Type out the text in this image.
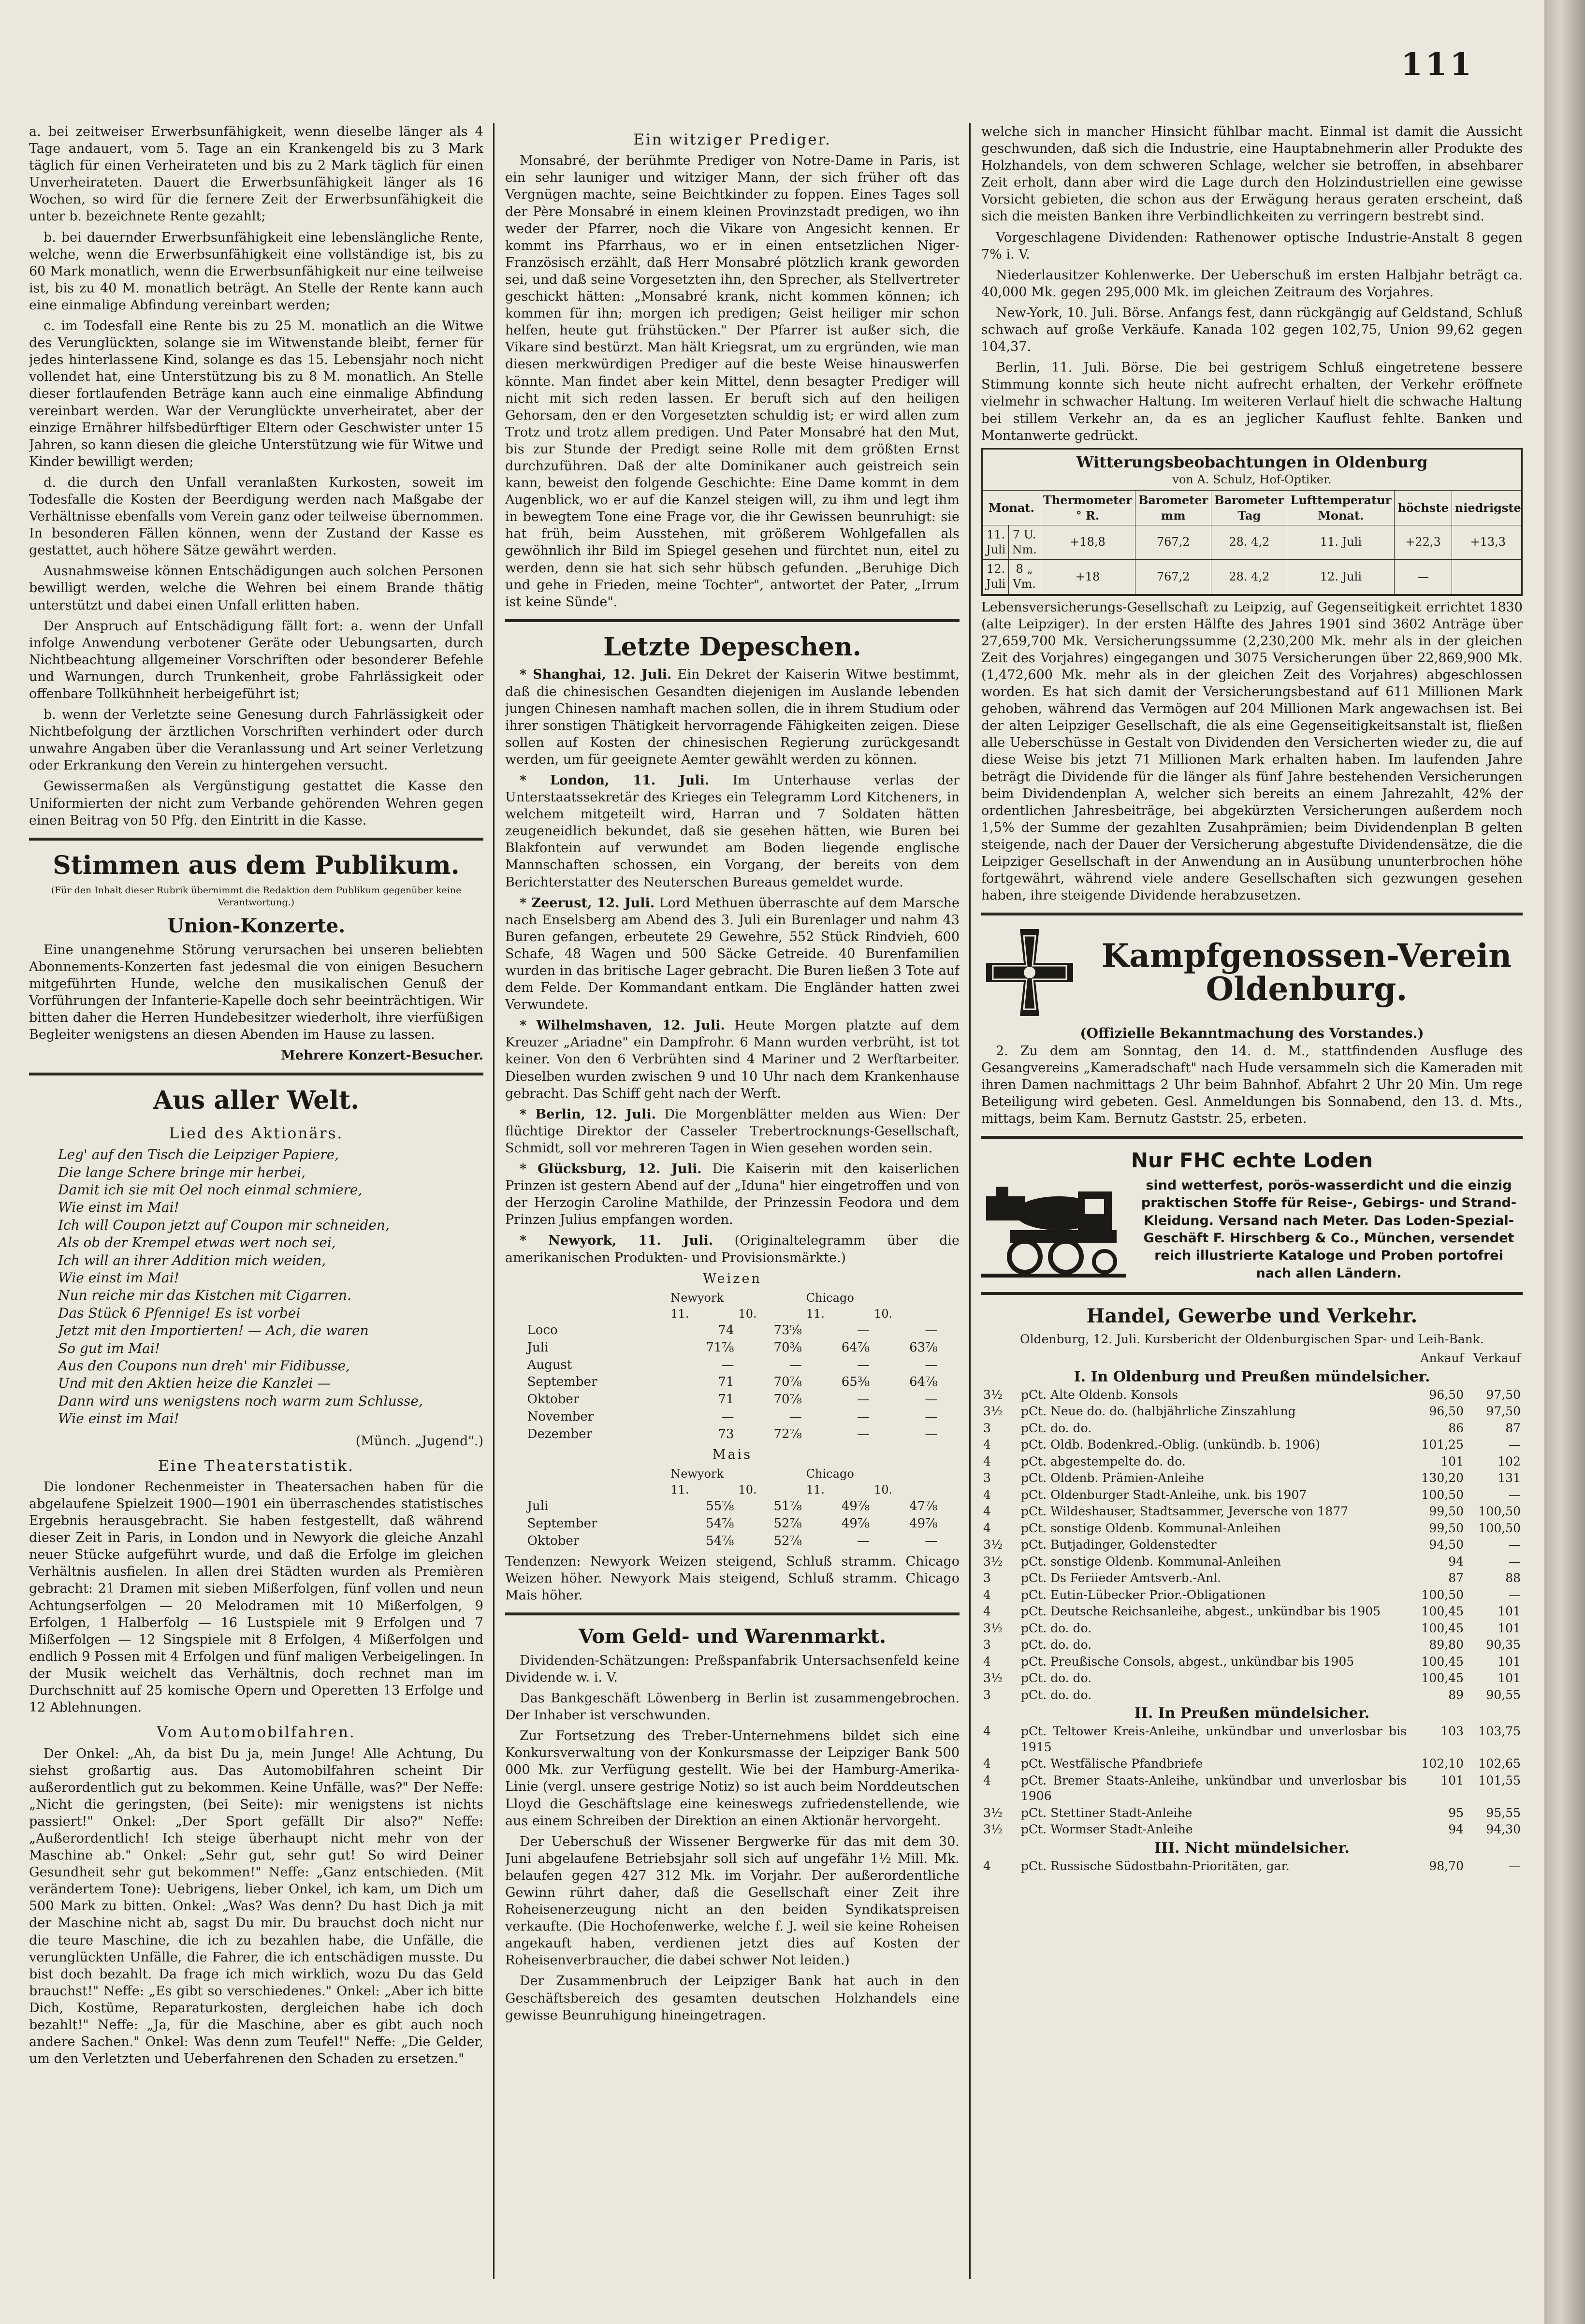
111

a. bei zeitweiser Erwerbsunfähigkeit, wenn dieselbe länger als 4 Tage andauert, vom 5. Tage an ein Krankengeld bis zu 3 Mark täglich für einen Verheirateten und bis zu 2 Mark täglich für einen Unverheirateten. Dauert die Erwerbsunfähigkeit länger als 16 Wochen, so wird für die fernere Zeit der Erwerbsunfähigkeit die unter b. bezeichnete Rente gezahlt;

b. bei dauernder Erwerbsunfähigkeit eine lebenslängliche Rente, welche, wenn die Erwerbsunfähigkeit eine vollständige ist, bis zu 60 Mark monatlich, wenn die Erwerbsunfähigkeit nur eine teilweise ist, bis zu 40 M. monatlich beträgt. An Stelle der Rente kann auch eine einmalige Abfindung vereinbart werden;

c. im Todesfall eine Rente bis zu 25 M. monatlich an die Witwe des Verunglückten, solange sie im Witwenstande bleibt, ferner für jedes hinterlassene Kind, solange es das 15. Lebensjahr noch nicht vollendet hat, eine Unterstützung bis zu 8 M. monatlich. An Stelle dieser fortlaufenden Beträge kann auch eine einmalige Abfindung vereinbart werden. War der Verunglückte unverheiratet, aber der einzige Ernährer hilfsbedürftiger Eltern oder Geschwister unter 15 Jahren, so kann diesen die gleiche Unterstützung wie für Witwe und Kinder bewilligt werden;

d. die durch den Unfall veranlaßten Kurkosten, soweit im Todesfalle die Kosten der Beerdigung werden nach Maßgabe der Verhältnisse ebenfalls vom Verein ganz oder teilweise übernommen. In besonderen Fällen können, wenn der Zustand der Kasse es gestattet, auch höhere Sätze gewährt werden.

Ausnahmsweise können Entschädigungen auch solchen Personen bewilligt werden, welche die Wehren bei einem Brande thätig unterstützt und dabei einen Unfall erlitten haben.

Der Anspruch auf Entschädigung fällt fort: a. wenn der Unfall infolge Anwendung verbotener Geräte oder Uebungsarten, durch Nichtbeachtung allgemeiner Vorschriften oder besonderer Befehle und Warnungen, durch Trunkenheit, grobe Fahrlässigkeit oder offenbare Tollkühnheit herbeigeführt ist;

b. wenn der Verletzte seine Genesung durch Fahrlässigkeit oder Nichtbefolgung der ärztlichen Vorschriften verhindert oder durch unwahre Angaben über die Veranlassung und Art seiner Verletzung oder Erkrankung den Verein zu hintergehen versucht.

Gewissermaßen als Vergünstigung gestattet die Kasse den Uniformierten der nicht zum Verbande gehörenden Wehren gegen einen Beitrag von 50 Pfg. den Eintritt in die Kasse.

Stimmen aus dem Publikum.
(Für den Inhalt dieser Rubrik übernimmt die Redaktion dem Publikum gegenüber keine Verantwortung.)
Union-Konzerte.

Eine unangenehme Störung verursachen bei unseren beliebten Abonnements-Konzerten fast jedesmal die von einigen Besuchern mitgeführten Hunde, welche den musikalischen Genuß der Vorführungen der Infanterie-Kapelle doch sehr beeinträchtigen. Wir bitten daher die Herren Hundebesitzer wiederholt, ihre vierfüßigen Begleiter wenigstens an diesen Abenden im Hause zu lassen.

Mehrere Konzert-Besucher.
Aus aller Welt.
Lied des Aktionärs.
Leg' auf den Tisch die Leipziger Papiere,
Die lange Schere bringe mir herbei,
Damit ich sie mit Oel noch einmal schmiere,
Wie einst im Mai!
Ich will Coupon jetzt auf Coupon mir schneiden,
Als ob der Krempel etwas wert noch sei,
Ich will an ihrer Addition mich weiden,
Wie einst im Mai!
Nun reiche mir das Kistchen mit Cigarren.
Das Stück 6 Pfennige! Es ist vorbei
Jetzt mit den Importierten! — Ach, die waren
So gut im Mai!
Aus den Coupons nun dreh' mir Fidibusse,
Und mit den Aktien heize die Kanzlei —
Dann wird uns wenigstens noch warm zum Schlusse,
Wie einst im Mai!
(Münch. „Jugend".)
Eine Theaterstatistik.

Die londoner Rechenmeister in Theatersachen haben für die abgelaufene Spielzeit 1900—1901 ein überraschendes statistisches Ergebnis herausgebracht. Sie haben festgestellt, daß während dieser Zeit in Paris, in London und in Newyork die gleiche Anzahl neuer Stücke aufgeführt wurde, und daß die Erfolge im gleichen Verhältnis ausfielen. In allen drei Städten wurden als Premièren gebracht: 21 Dramen mit sieben Mißerfolgen, fünf vollen und neun Achtungserfolgen — 20 Melodramen mit 10 Mißerfolgen, 9 Erfolgen, 1 Halberfolg — 16 Lustspiele mit 9 Erfolgen und 7 Mißerfolgen — 12 Singspiele mit 8 Erfolgen, 4 Mißerfolgen und endlich 9 Possen mit 4 Erfolgen und fünf maligen Verbeigelingen. In der Musik weichelt das Verhältnis, doch rechnet man im Durchschnitt auf 25 komische Opern und Operetten 13 Erfolge und 12 Ablehnungen.

Vom Automobilfahren.

Der Onkel: „Ah, da bist Du ja, mein Junge! Alle Achtung, Du siehst großartig aus. Das Automobilfahren scheint Dir außerordentlich gut zu bekommen. Keine Unfälle, was?" Der Neffe: „Nicht die geringsten, (bei Seite): mir wenigstens ist nichts passiert!" Onkel: „Der Sport gefällt Dir also?" Neffe: „Außerordentlich! Ich steige überhaupt nicht mehr von der Maschine ab." Onkel: „Sehr gut, sehr gut! So wird Deiner Gesundheit sehr gut bekommen!" Neffe: „Ganz entschieden. (Mit verändertem Tone): Uebrigens, lieber Onkel, ich kam, um Dich um 500 Mark zu bitten. Onkel: „Was? Was denn? Du hast Dich ja mit der Maschine nicht ab, sagst Du mir. Du brauchst doch nicht nur die teure Maschine, die ich zu bezahlen habe, die Unfälle, die verunglückten Unfälle, die Fahrer, die ich entschädigen musste. Du bist doch bezahlt. Da frage ich mich wirklich, wozu Du das Geld brauchst!" Neffe: „Es gibt so verschiedenes." Onkel: „Aber ich bitte Dich, Kostüme, Reparaturkosten, dergleichen habe ich doch bezahlt!" Neffe: „Ja, für die Maschine, aber es gibt auch noch andere Sachen." Onkel: Was denn zum Teufel!" Neffe: „Die Gelder, um den Verletzten und Ueberfahrenen den Schaden zu ersetzen."

Ein witziger Prediger.

Monsabré, der berühmte Prediger von Notre-Dame in Paris, ist ein sehr launiger und witziger Mann, der sich früher oft das Vergnügen machte, seine Beichtkinder zu foppen. Eines Tages soll der Père Monsabré in einem kleinen Provinzstadt predigen, wo ihn weder der Pfarrer, noch die Vikare von Angesicht kennen. Er kommt ins Pfarrhaus, wo er in einen entsetzlichen Niger-Französisch erzählt, daß Herr Monsabré plötzlich krank geworden sei, und daß seine Vorgesetzten ihn, den Sprecher, als Stellvertreter geschickt hätten: „Monsabré krank, nicht kommen können; ich kommen für ihn; morgen ich predigen; Geist heiliger mir schon helfen, heute gut frühstücken." Der Pfarrer ist außer sich, die Vikare sind bestürzt. Man hält Kriegsrat, um zu ergründen, wie man diesen merkwürdigen Prediger auf die beste Weise hinauswerfen könnte. Man findet aber kein Mittel, denn besagter Prediger will nicht mit sich reden lassen. Er beruft sich auf den heiligen Gehorsam, den er den Vorgesetzten schuldig ist; er wird allen zum Trotz und trotz allem predigen. Und Pater Monsabré hat den Mut, bis zur Stunde der Predigt seine Rolle mit dem größten Ernst durchzuführen. Daß der alte Dominikaner auch geistreich sein kann, beweist den folgende Geschichte: Eine Dame kommt in dem Augenblick, wo er auf die Kanzel steigen will, zu ihm und legt ihm in bewegtem Tone eine Frage vor, die ihr Gewissen beunruhigt: sie hat früh, beim Ausstehen, mit größerem Wohlgefallen als gewöhnlich ihr Bild im Spiegel gesehen und fürchtet nun, eitel zu werden, denn sie hat sich sehr hübsch gefunden. „Beruhige Dich und gehe in Frieden, meine Tochter", antwortet der Pater, „Irrum ist keine Sünde".

Letzte Depeschen.

* Shanghai, 12. Juli. Ein Dekret der Kaiserin Witwe bestimmt, daß die chinesischen Gesandten diejenigen im Auslande lebenden jungen Chinesen namhaft machen sollen, die in ihrem Studium oder ihrer sonstigen Thätigkeit hervorragende Fähigkeiten zeigen. Diese sollen auf Kosten der chinesischen Regierung zurückgesandt werden, um für geeignete Aemter gewählt werden zu können.

* London, 11. Juli. Im Unterhause verlas der Unterstaatssekretär des Krieges ein Telegramm Lord Kitcheners, in welchem mitgeteilt wird, Harran und 7 Soldaten hätten zeugeneidlich bekundet, daß sie gesehen hätten, wie Buren bei Blakfontein auf verwundet am Boden liegende englische Mannschaften schossen, ein Vorgang, der bereits von dem Berichterstatter des Neuterschen Bureaus gemeldet wurde.

* Zeerust, 12. Juli. Lord Methuen überraschte auf dem Marsche nach Enselsberg am Abend des 3. Juli ein Burenlager und nahm 43 Buren gefangen, erbeutete 29 Gewehre, 552 Stück Rindvieh, 600 Schafe, 48 Wagen und 500 Säcke Getreide. 40 Burenfamilien wurden in das britische Lager gebracht. Die Buren ließen 3 Tote auf dem Felde. Der Kommandant entkam. Die Engländer hatten zwei Verwundete.

* Wilhelmshaven, 12. Juli. Heute Morgen platzte auf dem Kreuzer „Ariadne" ein Dampfrohr. 6 Mann wurden verbrüht, ist tot keiner. Von den 6 Verbrühten sind 4 Mariner und 2 Werftarbeiter. Dieselben wurden zwischen 9 und 10 Uhr nach dem Krankenhause gebracht. Das Schiff geht nach der Werft.

* Berlin, 12. Juli. Die Morgenblätter melden aus Wien: Der flüchtige Direktor der Casseler Trebertrocknungs-Gesellschaft, Schmidt, soll vor mehreren Tagen in Wien gesehen worden sein.

* Glücksburg, 12. Juli. Die Kaiserin mit den kaiserlichen Prinzen ist gestern Abend auf der „Iduna" hier eingetroffen und von der Herzogin Caroline Mathilde, der Prinzessin Feodora und dem Prinzen Julius empfangen worden.

* Newyork, 11. Juli. (Originaltelegramm über die amerikanischen Produkten- und Provisionsmärkte.)

Weizen
	Newyork		Chicago	
	11.	10.	11.	10.
Loco	74	73⅝	—	—
Juli	71⅞	70⅜	64⅞	63⅞
August	—	—	—	—
September	71	70⅞	65⅜	64⅞
Oktober	71	70⅞	—	—
November	—	—	—	—
Dezember	73	72⅞	—	—
Mais
	Newyork		Chicago	
	11.	10.	11.	10.
Juli	55⅞	51⅞	49⅞	47⅞
September	54⅞	52⅞	49⅞	49⅞
Oktober	54⅞	52⅞	—	—

Tendenzen: Newyork Weizen steigend, Schluß stramm. Chicago Weizen höher. Newyork Mais steigend, Schluß stramm. Chicago Mais höher.

Vom Geld- und Warenmarkt.

Dividenden-Schätzungen: Preßspanfabrik Untersachsenfeld keine Dividende w. i. V.

Das Bankgeschäft Löwenberg in Berlin ist zusammengebrochen. Der Inhaber ist verschwunden.

Zur Fortsetzung des Treber-Unternehmens bildet sich eine Konkursverwaltung von der Konkursmasse der Leipziger Bank 500 000 Mk. zur Verfügung gestellt. Wie bei der Hamburg-Amerika-Linie (vergl. unsere gestrige Notiz) so ist auch beim Norddeutschen Lloyd die Geschäftslage eine keineswegs zufriedenstellende, wie aus einem Schreiben der Direktion an einen Aktionär hervorgeht.

Der Ueberschuß der Wissener Bergwerke für das mit dem 30. Juni abgelaufene Betriebsjahr soll sich auf ungefähr 1½ Mill. Mk. belaufen gegen 427 312 Mk. im Vorjahr. Der außerordentliche Gewinn rührt daher, daß die Gesellschaft einer Zeit ihre Roheisenerzeugung nicht an den beiden Syndikatspreisen verkaufte. (Die Hochofenwerke, welche f. J. weil sie keine Roheisen angekauft haben, verdienen jetzt dies auf Kosten der Roheisenverbraucher, die dabei schwer Not leiden.)

Der Zusammenbruch der Leipziger Bank hat auch in den Geschäftsbereich des gesamten deutschen Holzhandels eine gewisse Beunruhigung hineingetragen.

welche sich in mancher Hinsicht fühlbar macht. Einmal ist damit die Aussicht geschwunden, daß sich die Industrie, eine Hauptabnehmerin aller Produkte des Holzhandels, von dem schweren Schlage, welcher sie betroffen, in absehbarer Zeit erholt, dann aber wird die Lage durch den Holzindustriellen eine gewisse Vorsicht gebieten, die schon aus der Erwägung heraus geraten erscheint, daß sich die meisten Banken ihre Verbindlichkeiten zu verringern bestrebt sind.

Vorgeschlagene Dividenden: Rathenower optische Industrie-Anstalt 8 gegen 7% i. V.

Niederlausitzer Kohlenwerke. Der Ueberschuß im ersten Halbjahr beträgt ca. 40,000 Mk. gegen 295,000 Mk. im gleichen Zeitraum des Vorjahres.

New-York, 10. Juli. Börse. Anfangs fest, dann rückgängig auf Geldstand, Schluß schwach auf große Verkäufe. Kanada 102 gegen 102,75, Union 99,62 gegen 104,37.

Berlin, 11. Juli. Börse. Die bei gestrigem Schluß eingetretene bessere Stimmung konnte sich heute nicht aufrecht erhalten, der Verkehr eröffnete vielmehr in schwacher Haltung. Im weiteren Verlauf hielt die schwache Haltung bei stillem Verkehr an, da es an jeglicher Kauflust fehlte. Banken und Montanwerte gedrückt.

Witterungsbeobachtungen in Oldenburg
von A. Schulz, Hof-Optiker.
Monat.		Thermometer ° R.	Barometer mm	Barometer Tag	Lufttemperatur Monat.	höchste	niedrigste
11. Juli	7 U. Nm.	+18,8	767,2	28. 4,2	11. Juli	+22,3	+13,3
12. Juli	8 „ Vm.	+18	767,2	28. 4,2	12. Juli	—	

Lebensversicherungs-Gesellschaft zu Leipzig, auf Gegenseitigkeit errichtet 1830 (alte Leipziger). In der ersten Hälfte des Jahres 1901 sind 3602 Anträge über 27,659,700 Mk. Versicherungssumme (2,230,200 Mk. mehr als in der gleichen Zeit des Vorjahres) eingegangen und 3075 Versicherungen über 22,869,900 Mk. (1,472,600 Mk. mehr als in der gleichen Zeit des Vorjahres) abgeschlossen worden. Es hat sich damit der Versicherungsbestand auf 611 Millionen Mark gehoben, während das Vermögen auf 204 Millionen Mark angewachsen ist. Bei der alten Leipziger Gesellschaft, die als eine Gegenseitigkeitsanstalt ist, fließen alle Ueberschüsse in Gestalt von Dividenden den Versicherten wieder zu, die auf diese Weise bis jetzt 71 Millionen Mark erhalten haben. Im laufenden Jahre beträgt die Dividende für die länger als fünf Jahre bestehenden Versicherungen beim Dividendenplan A, welcher sich bereits an einem Jahrezahlt, 42% der ordentlichen Jahresbeiträge, bei abgekürzten Versicherungen außerdem noch 1,5% der Summe der gezahlten Zusahprämien; beim Dividendenplan B gelten steigende, nach der Dauer der Versicherung abgestufte Dividendensätze, die die Leipziger Gesellschaft in der Anwendung an in Ausübung ununterbrochen höhe fortgewährt, während viele andere Gesellschaften sich gezwungen gesehen haben, ihre steigende Dividende herabzusetzen.

Kampfgenossen-Verein
Oldenburg.
(Offizielle Bekanntmachung des Vorstandes.)

2. Zu dem am Sonntag, den 14. d. M., stattfindenden Ausfluge des Gesangvereins „Kameradschaft" nach Hude versammeln sich die Kameraden mit ihren Damen nachmittags 2 Uhr beim Bahnhof. Abfahrt 2 Uhr 20 Min. Um rege Beteiligung wird gebeten. Gesl. Anmeldungen bis Sonnabend, den 13. d. Mts., mittags, beim Kam. Bernutz Gaststr. 25, erbeten.

Nur FHC echte Loden
sind wetterfest, porös-wasserdicht und die einzig praktischen Stoffe für Reise-, Gebirgs- und Strand-Kleidung. Versand nach Meter. Das Loden-Spezial-Geschäft F. Hirschberg & Co., München, versendet reich illustrierte Kataloge und Proben portofrei nach allen Ländern.
Handel, Gewerbe und Verkehr.
Oldenburg, 12. Juli. Kursbericht der Oldenburgischen Spar- und Leih-Bank.
		Ankauf	Verkauf
I. In Oldenburg und Preußen mündelsicher.			
3½	pCt. Alte Oldenb. Konsols	96,50	97,50
3½	pCt. Neue do. do. (halbjährliche Zinszahlung	96,50	97,50
3	pCt. do. do.	86	87
4	pCt. Oldb. Bodenkred.-Oblig. (unkündb. b. 1906)	101,25	—
4	pCt. abgestempelte do. do.	101	102
3	pCt. Oldenb. Prämien-Anleihe	130,20	131
4	pCt. Oldenburger Stadt-Anleihe, unk. bis 1907	100,50	—
4	pCt. Wildeshauser, Stadtsammer, Jeversche von 1877	99,50	100,50
4	pCt. sonstige Oldenb. Kommunal-Anleihen	99,50	100,50
3½	pCt. Butjadinger, Goldenstedter	94,50	—
3½	pCt. sonstige Oldenb. Kommunal-Anleihen	94	—
3	pCt. Ds Feriieder Amtsverb.-Anl.	87	88
4	pCt. Eutin-Lübecker Prior.-Obligationen	100,50	—
4	pCt. Deutsche Reichsanleihe, abgest., unkündbar bis 1905	100,45	101
3½	pCt. do. do.	100,45	101
3	pCt. do. do.	89,80	90,35
4	pCt. Preußische Consols, abgest., unkündbar bis 1905	100,45	101
3½	pCt. do. do.	100,45	101
3	pCt. do. do.	89	90,55
II. In Preußen mündelsicher.			
4	pCt. Teltower Kreis-Anleihe, unkündbar und unverlosbar bis 1915	103	103,75
4	pCt. Westfälische Pfandbriefe	102,10	102,65
4	pCt. Bremer Staats-Anleihe, unkündbar und unverlosbar bis 1906	101	101,55
3½	pCt. Stettiner Stadt-Anleihe	95	95,55
3½	pCt. Wormser Stadt-Anleihe	94	94,30
III. Nicht mündelsicher.			
4	pCt. Russische Südostbahn-Prioritäten, gar.	98,70	—
